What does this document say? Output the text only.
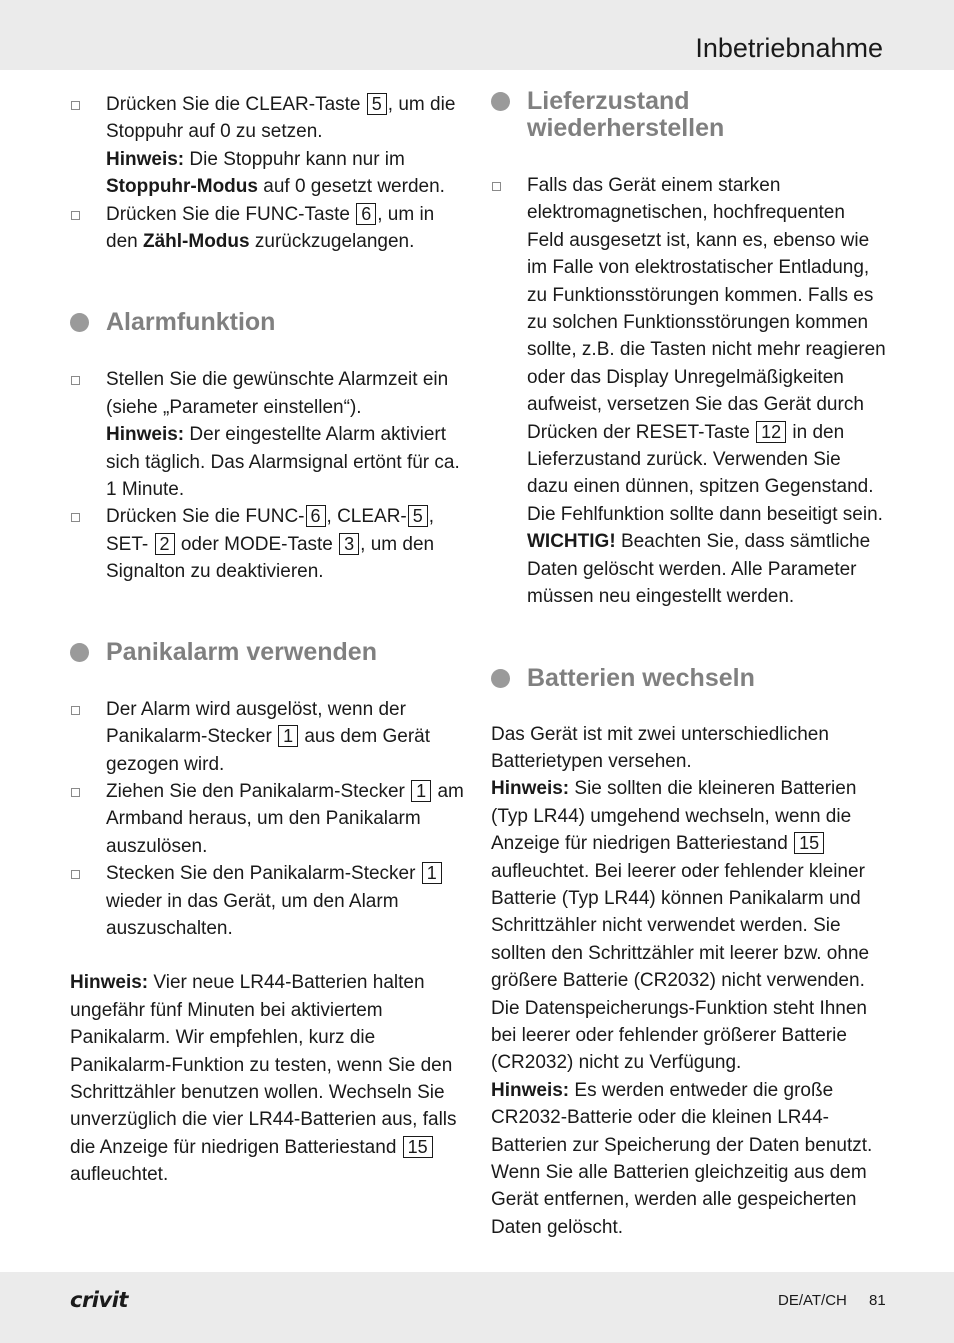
Inbetriebnahme
Drücken Sie die CLEAR-Taste 5 , um die Stoppuhr auf 0 zu setzen.
Hinweis: Die Stoppuhr kann nur im Stoppuhr-Modus auf 0 gesetzt werden.
Drücken Sie die FUNC-Taste 6 , um in den Zähl-Modus zurückzugelangen.
Alarmfunktion
Stellen Sie die gewünschte Alarmzeit ein (siehe „Parameter einstellen“).
Hinweis: Der eingestellte Alarm aktiviert sich täglich. Das Alarmsignal ertönt für ca. 1 Minute.
Drücken Sie die FUNC- 6 , CLEAR- 5 , SET- 2 oder MODE-Taste 3 , um den Signalton zu deaktivieren.
Panikalarm verwenden
Der Alarm wird ausgelöst, wenn der Panikalarm-Stecker 1 aus dem Gerät gezogen wird.
Ziehen Sie den Panikalarm-Stecker 1 am Armband heraus, um den Panikalarm auszulösen.
Stecken Sie den Panikalarm-Stecker 1 wieder in das Gerät, um den Alarm auszuschalten.

Hinweis: Vier neue LR44-Batterien halten ungefähr fünf Minuten bei aktiviertem Panikalarm. Wir empfehlen, kurz die Panikalarm-Funktion zu testen, wenn Sie den Schrittzähler benutzen wollen. Wechseln Sie unverzüglich die vier LR44-Batterien aus, falls die Anzeige für niedrigen Batteriestand 15 aufleuchtet.

Lieferzustand wiederherstellen
Falls das Gerät einem starken elektromagnetischen, hochfrequenten Feld ausgesetzt ist, kann es, ebenso wie im Falle von elektrostatischer Entladung, zu Funktionsstörungen kommen. Falls es zu solchen Funktionsstörungen kommen sollte, z.B. die Tasten nicht mehr reagieren oder das Display Unregelmäßigkeiten aufweist, versetzen Sie das Gerät durch Drücken der RESET-Taste 12 in den Lieferzustand zurück. Verwenden Sie dazu einen dünnen, spitzen Gegenstand. Die Fehlfunktion sollte dann beseitigt sein.
WICHTIG! Beachten Sie, dass sämtliche Daten gelöscht werden. Alle Parameter müssen neu eingestellt werden.
Batterien wechseln

Das Gerät ist mit zwei unterschiedlichen Batterietypen versehen.

Hinweis: Sie sollten die kleineren Batterien (Typ LR44) umgehend wechseln, wenn die Anzeige für niedrigen Batteriestand 15 aufleuchtet. Bei leerer oder fehlender kleiner Batterie (Typ LR44) können Panikalarm und Schrittzähler nicht verwendet werden. Sie sollten den Schrittzähler mit leerer bzw. ohne größere Batterie (CR2032) nicht verwenden. Die Datenspeicherungs-Funktion steht Ihnen bei leerer oder fehlender größerer Batterie (CR2032) nicht zu Verfügung.

Hinweis: Es werden entweder die große CR2032-Batterie oder die kleinen LR44-Batterien zur Speicherung der Daten benutzt. Wenn Sie alle Batterien gleichzeitig aus dem Gerät entfernen, werden alle gespeicherten Daten gelöscht.

crivit	DE/AT/CH 81
